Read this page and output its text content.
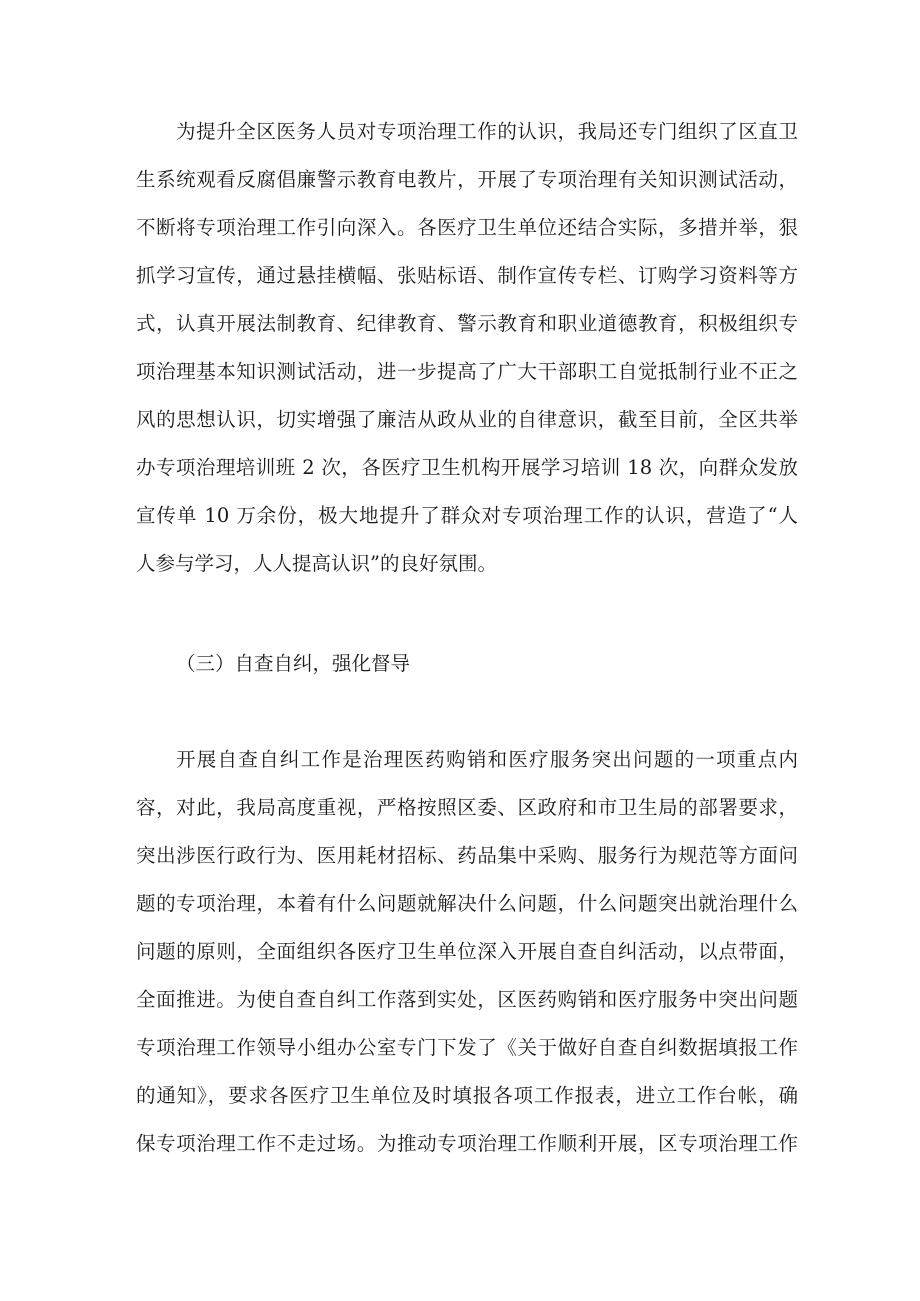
为提升全区医务人员对专项治理工作的认识，我局还专门组织了区直卫
生系统观看反腐倡廉警示教育电教片，开展了专项治理有关知识测试活动，
不断将专项治理工作引向深入。各医疗卫生单位还结合实际，多措并举，狠
抓学习宣传，通过悬挂横幅、张贴标语、制作宣传专栏、订购学习资料等方
式，认真开展法制教育、纪律教育、警示教育和职业道德教育，积极组织专
项治理基本知识测试活动，进一步提高了广大干部职工自觉抵制行业不正之
风的思想认识，切实增强了廉洁从政从业的自律意识，截至目前，全区共举
办专项治理培训班 2 次，各医疗卫生机构开展学习培训 18 次，向群众发放
宣传单 10 万余份，极大地提升了群众对专项治理工作的认识，营造了“人
人参与学习，人人提高认识”的良好氛围。
（三）自查自纠，强化督导
开展自查自纠工作是治理医药购销和医疗服务突出问题的一项重点内
容，对此，我局高度重视，严格按照区委、区政府和市卫生局的部署要求，
突出涉医行政行为、医用耗材招标、药品集中采购、服务行为规范等方面问
题的专项治理，本着有什么问题就解决什么问题，什么问题突出就治理什么
问题的原则，全面组织各医疗卫生单位深入开展自查自纠活动，以点带面，
全面推进。为使自查自纠工作落到实处，区医药购销和医疗服务中突出问题
专项治理工作领导小组办公室专门下发了《关于做好自查自纠数据填报工作
的通知》，要求各医疗卫生单位及时填报各项工作报表，进立工作台帐，确
保专项治理工作不走过场。为推动专项治理工作顺利开展，区专项治理工作
